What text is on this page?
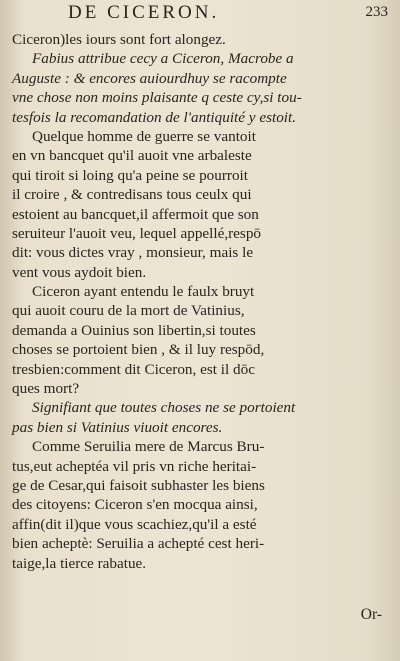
DE CICERON.	233
Ciceron)les iours sont fort alongez.
Fabius attribue cecy a Ciceron, Macrobe a
Auguste : & encores auiourdhuy se racompte
vne chose non moins plaisante q ceste cy,si tou-
tesfois la recomandation de l'antiquité y estoit.
Quelque homme de guerre se vantoit
en vn bancquet qu'il auoit vne arbaleste
qui tiroit si loing qu'a peine se pourroit
il croire , & contredisans tous ceulx qui
estoient au bancquet,il affermoit que son
seruiteur l'auoit veu, lequel appellé,respō
dit: vous dictes vray , monsieur, mais le
vent vous aydoit bien.
Ciceron ayant entendu le faulx bruyt
qui auoit couru de la mort de Vatinius,
demanda a Ouinius son libertin,si toutes
choses se portoient bien , & il luy respōd,
tresbien:comment dit Ciceron, est il dōc
ques mort?
Signifiant que toutes choses ne se portoient
pas bien si Vatinius viuoit encores.
Comme Seruilia mere de Marcus Bru-
tus,eut acheptéa vil pris vn riche heritai-
ge de Cesar,qui faisoit subhaster les biens
des citoyens: Ciceron s'en mocqua ainsi,
affin(dit il)que vous scachiez,qu'il a esté
bien acheptè: Seruilia a achepté cest heri-
taige,la tierce rabatue.
Or-
